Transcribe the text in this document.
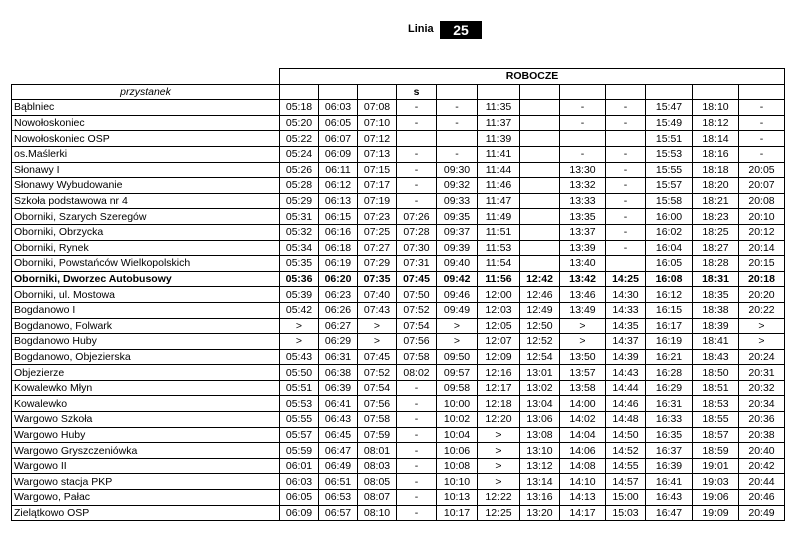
Linia	25
	ROBOCZE											
przystanek				s								
Bąblniec	05:18	06:03	07:08	-	-	11:35		-	-	15:47	18:10	-
Nowołoskoniec	05:20	06:05	07:10	-	-	11:37		-	-	15:49	18:12	-
Nowołoskoniec OSP	05:22	06:07	07:12			11:39				15:51	18:14	-
os.Maślerki	05:24	06:09	07:13	-	-	11:41		-	-	15:53	18:16	-
Słonawy I	05:26	06:11	07:15	-	09:30	11:44		13:30	-	15:55	18:18	20:05
Słonawy Wybudowanie	05:28	06:12	07:17	-	09:32	11:46		13:32	-	15:57	18:20	20:07
Szkoła podstawowa nr 4	05:29	06:13	07:19	-	09:33	11:47		13:33	-	15:58	18:21	20:08
Oborniki, Szarych Szeregów	05:31	06:15	07:23	07:26	09:35	11:49		13:35	-	16:00	18:23	20:10
Oborniki, Obrzycka	05:32	06:16	07:25	07:28	09:37	11:51		13:37	-	16:02	18:25	20:12
Oborniki, Rynek	05:34	06:18	07:27	07:30	09:39	11:53		13:39	-	16:04	18:27	20:14
Oborniki, Powstańców Wielkopolskich	05:35	06:19	07:29	07:31	09:40	11:54		13:40		16:05	18:28	20:15
Oborniki, Dworzec Autobusowy	05:36	06:20	07:35	07:45	09:42	11:56	12:42	13:42	14:25	16:08	18:31	20:18
Oborniki, ul. Mostowa	05:39	06:23	07:40	07:50	09:46	12:00	12:46	13:46	14:30	16:12	18:35	20:20
Bogdanowo I	05:42	06:26	07:43	07:52	09:49	12:03	12:49	13:49	14:33	16:15	18:38	20:22
Bogdanowo, Folwark	>	06:27	>	07:54	>	12:05	12:50	>	14:35	16:17	18:39	>
Bogdanowo Huby	>	06:29	>	07:56	>	12:07	12:52	>	14:37	16:19	18:41	>
Bogdanowo, Objezierska	05:43	06:31	07:45	07:58	09:50	12:09	12:54	13:50	14:39	16:21	18:43	20:24
Objezierze	05:50	06:38	07:52	08:02	09:57	12:16	13:01	13:57	14:43	16:28	18:50	20:31
Kowalewko Młyn	05:51	06:39	07:54	-	09:58	12:17	13:02	13:58	14:44	16:29	18:51	20:32
Kowalewko	05:53	06:41	07:56	-	10:00	12:18	13:04	14:00	14:46	16:31	18:53	20:34
Wargowo Szkoła	05:55	06:43	07:58	-	10:02	12:20	13:06	14:02	14:48	16:33	18:55	20:36
Wargowo Huby	05:57	06:45	07:59	-	10:04	>	13:08	14:04	14:50	16:35	18:57	20:38
Wargowo Gryszczeniówka	05:59	06:47	08:01	-	10:06	>	13:10	14:06	14:52	16:37	18:59	20:40
Wargowo II	06:01	06:49	08:03	-	10:08	>	13:12	14:08	14:55	16:39	19:01	20:42
Wargowo stacja PKP	06:03	06:51	08:05	-	10:10	>	13:14	14:10	14:57	16:41	19:03	20:44
Wargowo, Pałac	06:05	06:53	08:07	-	10:13	12:22	13:16	14:13	15:00	16:43	19:06	20:46
Zielątkowo OSP	06:09	06:57	08:10	-	10:17	12:25	13:20	14:17	15:03	16:47	19:09	20:49
